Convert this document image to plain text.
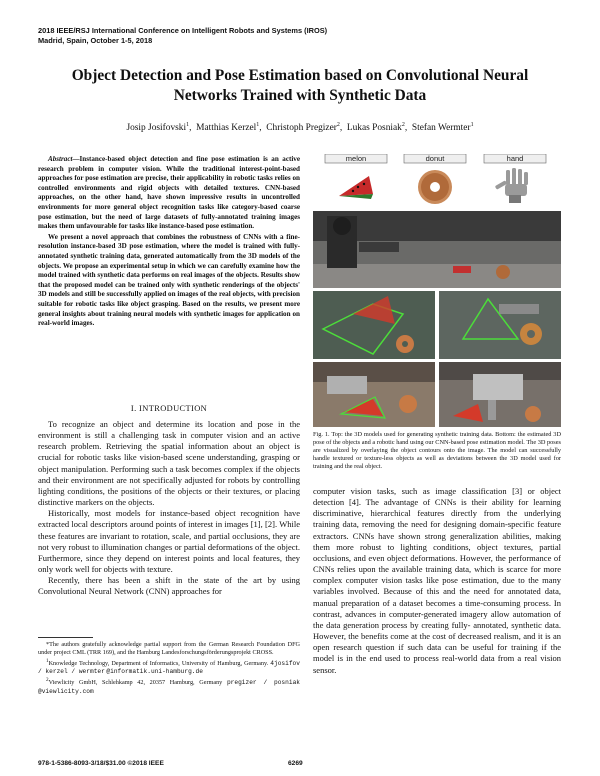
2018 IEEE/RSJ International Conference on Intelligent Robots and Systems (IROS)
Madrid, Spain, October 1-5, 2018
Object Detection and Pose Estimation based on Convolutional Neural Networks Trained with Synthetic Data
Josip Josifovski$^1$,  Matthias Kerzel$^1$,  Christoph Pregizer$^2$,  Lukas Posniak$^2$,  Stefan Wermter$^1$

Abstract—Instance-based object detection and fine pose estimation is an active research problem in computer vision. While the traditional interest-point-based approaches for pose estimation are precise, their applicability in robotic tasks relies on controlled environments and rigid objects with detailed textures. CNN-based approaches, on the other hand, have shown impressive results in uncontrolled environments for more general object recognition tasks like category-based coarse pose estimation, but the need of large datasets of fully-annotated training images makes them unfavourable for tasks like instance-based pose estimation.

We present a novel approach that combines the robustness of CNNs with a fine-resolution instance-based 3D pose estimation, where the model is trained with fully-annotated synthetic training data, generated automatically from the 3D models of the objects. We propose an experimental setup in which we can carefully examine how the model trained with synthetic data performs on real images of the objects. Results show that the proposed model can be trained only with synthetic renderings of the objects' 3D models and still be successfully applied on images of the real objects, with precision suitable for robotic tasks like object grasping. Based on the results, we present more general insights about training neural models with synthetic images for application on real-world images.

I. INTRODUCTION

To recognize an object and determine its location and pose in the environment is still a challenging task in computer vision and an active research problem. Retrieving the spatial information about an object is crucial for robotic tasks like vision-based scene understanding, grasping or object manipulation. Performing such a task becomes complex if the objects and their environment are not specifically adjusted for robots by controlling lighting conditions, the positions of the objects or their textures, or placing distinctive markers on the objects.

Historically, most models for instance-based object recognition have extracted local descriptors around points of interest in images [1], [2]. While these features are invariant to rotation, scale, and partial occlusions, they are not very robust to illumination changes or partial deformations of the object. Furthermore, since they depend on interest points and local features, they only work well for objects with texture.

Recently, there has been a shift in the state of the art by using Convolutional Neural Network (CNN) approaches for

*The authors gratefully acknowledge partial support from the German Research Foundation DFG under project CML (TRR 169), and the Hamburg Landesforschungsförderungsprojekt CROSS.

$^1$Knowledge Technology, Department of Informatics, University of Hamburg, Germany. 4josifov / kerzel / wermter @informatik.uni-hamburg.de

$^2$Viewlicity GmbH, Schlehkamp 42, 20357 Hamburg, Germany pregizer / posniak @viewlicity.com

melon	donut	hand
Fig. 1. Top: the 3D models used for generating synthetic training data. Bottom: the estimated 3D pose of the objects and a robotic hand using our CNN-based pose estimation model. The 3D poses are visualized by overlaying the object contours onto the image. The model can successfully handle textured or texture-less objects as well as deviations between the 3D model used for training and the real object.

computer vision tasks, such as image classification [3] or object detection [4]. The advantage of CNNs is their ability for learning discriminative, hierarchical features directly from the underlying training data, removing the need for designing domain-specific feature extractors. CNNs have shown strong generalization abilities, making them more robust to lighting conditions, object textures, partial occlusions, and even object deformations. However, the performance of CNNs relies upon the available training data, which is scarce for more complex computer vision tasks like pose estimation, due to the many variables involved. Because of this and the need for annotated data, manual preparation of a dataset becomes a time-consuming process. In contrast, advances in computer-generated imagery allow automation of the data generation process by creating fully- annotated, synthetic data. However, the benefits come at the cost of decreased realism, and it is an open research question if such data can be useful for training if the model is in the end used to process real-world data from a real vision sensor.

978-1-5386-8093-3/18/$31.00 ©2018 IEEE	6269
